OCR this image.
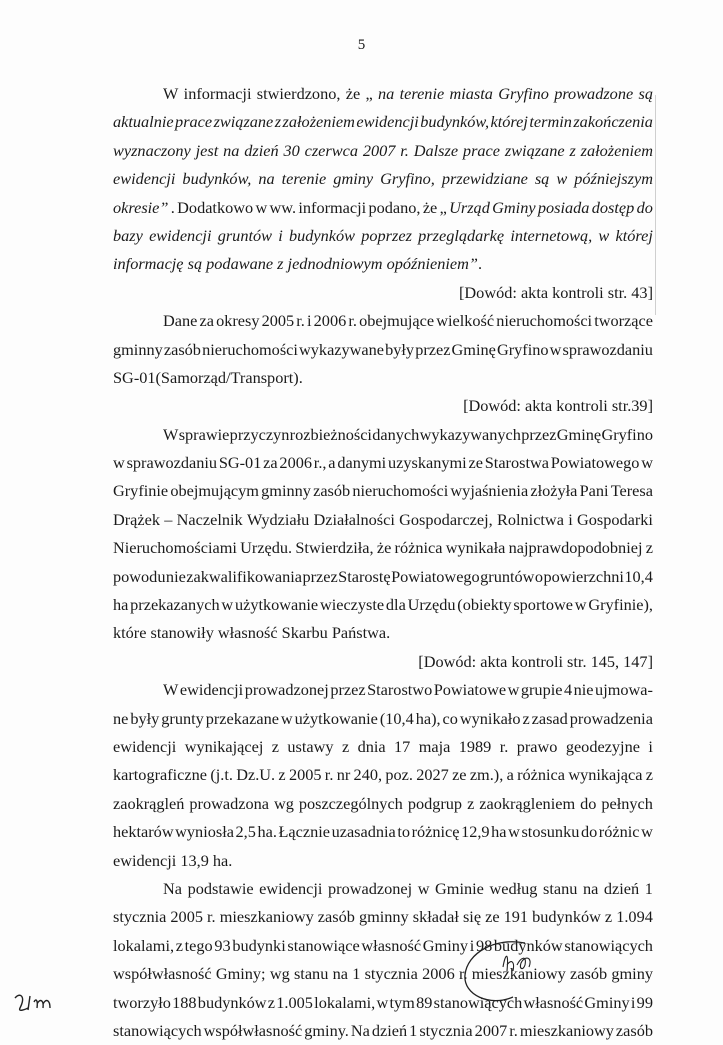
5
W informacji stwierdzono, że „ na terenie miasta Gryfino prowadzone są
aktualnie prace związane z założeniem ewidencji budynków, której termin zakończenia
wyznaczony jest na dzień 30 czerwca 2007 r. Dalsze prace związane z założeniem
ewidencji budynków, na terenie gminy Gryfino, przewidziane są w późniejszym
okresie” . Dodatkowo w ww. informacji podano, że „ Urząd Gminy posiada dostęp do
bazy ewidencji gruntów i budynków poprzez przeglądarkę internetową, w której
informację są podawane z jednodniowym opóźnieniem”.
[Dowód: akta kontroli str. 43]
Dane za okresy 2005 r. i 2006 r. obejmujące wielkość nieruchomości tworzące
gminny zasób nieruchomości wykazywane były przez Gminę Gryfino w sprawozdaniu
SG-01(Samorząd/Transport).
[Dowód: akta kontroli str.39]
W sprawie przyczyn rozbieżności danych wykazywanych przez Gminę Gryfino
w sprawozdaniu SG-01 za 2006 r., a danymi uzyskanymi ze Starostwa Powiatowego w
Gryfinie obejmującym gminny zasób nieruchomości wyjaśnienia złożyła Pani Teresa
Drążek – Naczelnik Wydziału Działalności Gospodarczej, Rolnictwa i Gospodarki
Nieruchomościami Urzędu. Stwierdziła, że różnica wynikała najprawdopodobniej z
powodu nie zakwalifikowania przez Starostę Powiatowego gruntów o powierzchni 10,4
ha przekazanych w użytkowanie wieczyste dla Urzędu (obiekty sportowe w Gryfinie),
które stanowiły własność Skarbu Państwa.
[Dowód: akta kontroli str. 145, 147]
W ewidencji prowadzonej przez Starostwo Powiatowe w grupie 4 nie ujmowa-
ne były grunty przekazane w użytkowanie (10,4 ha), co wynikało z zasad prowadzenia
ewidencji wynikającej z ustawy z dnia 17 maja 1989 r. prawo geodezyjne i
kartograficzne (j.t. Dz.U. z 2005 r. nr 240, poz. 2027 ze zm.), a różnica wynikająca z
zaokrągleń prowadzona wg poszczególnych podgrup z zaokrągleniem do pełnych
hektarów wyniosła 2,5 ha. Łącznie uzasadnia to różnicę 12,9 ha w stosunku do różnic w
ewidencji 13,9 ha.
Na podstawie ewidencji prowadzonej w Gminie według stanu na dzień 1
stycznia 2005 r. mieszkaniowy zasób gminny składał się ze 191 budynków z 1.094
lokalami, z tego 93 budynki stanowiące własność Gminy i 98 budynków stanowiących
współwłasność Gminy; wg stanu na 1 stycznia 2006 r. mieszkaniowy zasób gminy
tworzyło 188 budynków z 1.005 lokalami, w tym 89 stanowiących własność Gminy i 99
stanowiących współwłasność gminy. Na dzień 1 stycznia 2007 r. mieszkaniowy zasób
